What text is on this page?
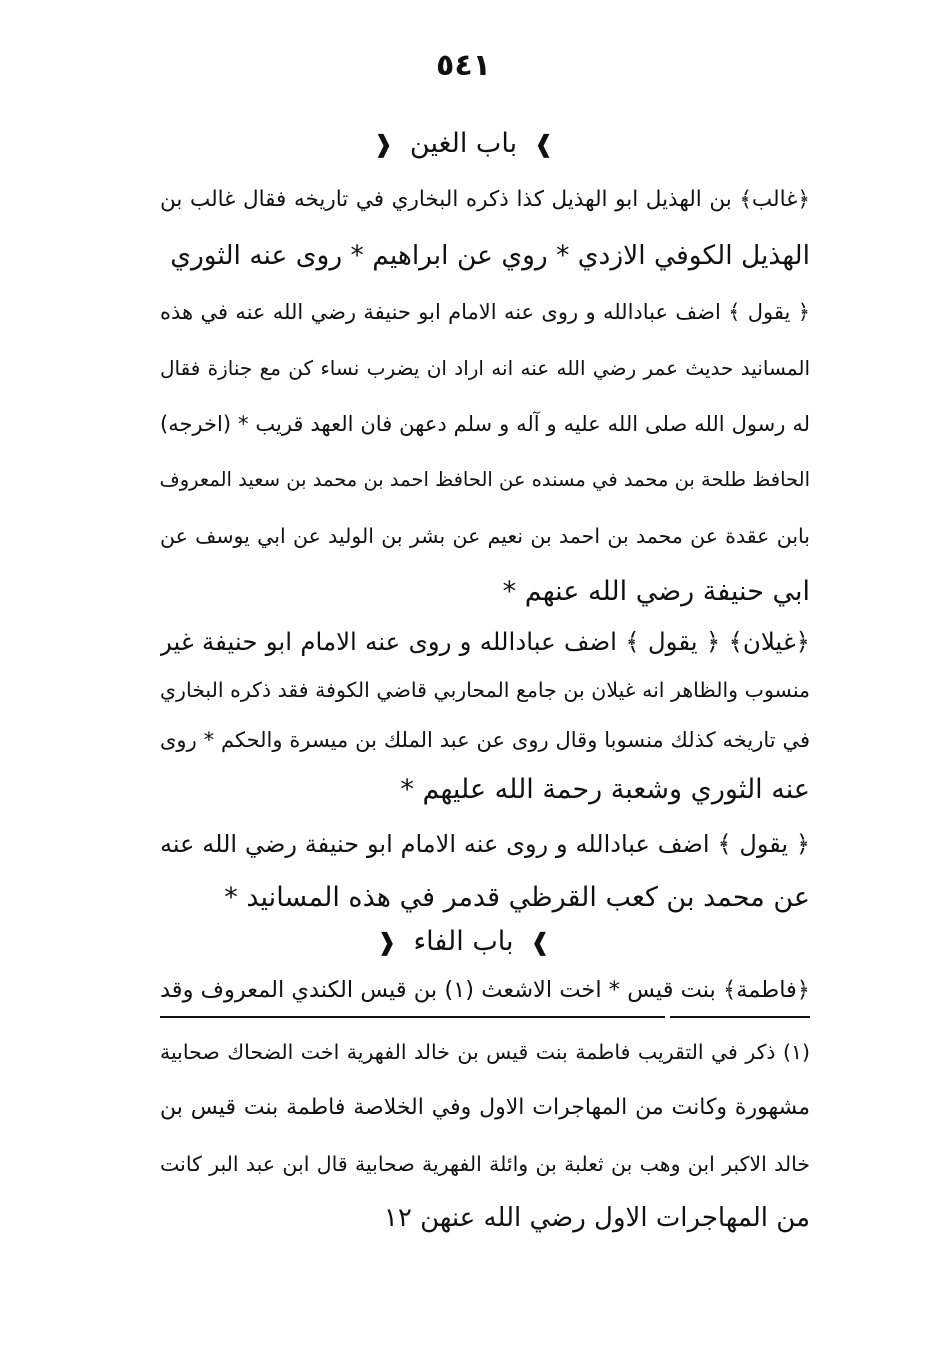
٥٤١
❱ باب الغين ❰
﴿غالب﴾ بن الهذيل ابو الهذيل كذا ذكره البخاري في تاريخه فقال غالب بن
الهذيل الكوفي الازدي * روي عن ابراهيم * روى عنه الثوري
﴿ يقول ﴾ اضف عبادالله و روى عنه الامام ابو حنيفة رضي الله عنه في هذه
المسانيد حديث عمر رضي الله عنه انه اراد ان يضرب نساء كن مع جنازة فقال
له رسول الله صلى الله عليه و آله و سلم دعهن فان العهد قريب * (اخرجه)
الحافظ طلحة بن محمد في مسنده عن الحافظ احمد بن محمد بن سعيد المعروف
بابن عقدة عن محمد بن احمد بن نعيم عن بشر بن الوليد عن ابي يوسف عن
ابي حنيفة رضي الله عنهم *
﴿غيلان﴾ ﴿ يقول ﴾ اضف عبادالله و روى عنه الامام ابو حنيفة غير
منسوب والظاهر انه غيلان بن جامع المحاربي قاضي الكوفة فقد ذكره البخاري
في تاريخه كذلك منسوبا وقال روى عن عبد الملك بن ميسرة والحكم * روى
عنه الثوري وشعبة رحمة الله عليهم *
﴿ يقول ﴾ اضف عبادالله و روى عنه الامام ابو حنيفة رضي الله عنه
عن محمد بن كعب القرظي قدمر في هذه المسانيد *
❱ باب الفاء ❰
﴿فاطمة﴾ بنت قيس * اخت الاشعث (١) بن قيس الكندي المعروف وقد
(١) ذكر في التقريب فاطمة بنت قيس بن خالد الفهرية اخت الضحاك صحابية
مشهورة وكانت من المهاجرات الاول وفي الخلاصة فاطمة بنت قيس بن
خالد الاكبر ابن وهب بن ثعلبة بن وائلة الفهرية صحابية قال ابن عبد البر كانت
من المهاجرات الاول رضي الله عنهن ١٢
